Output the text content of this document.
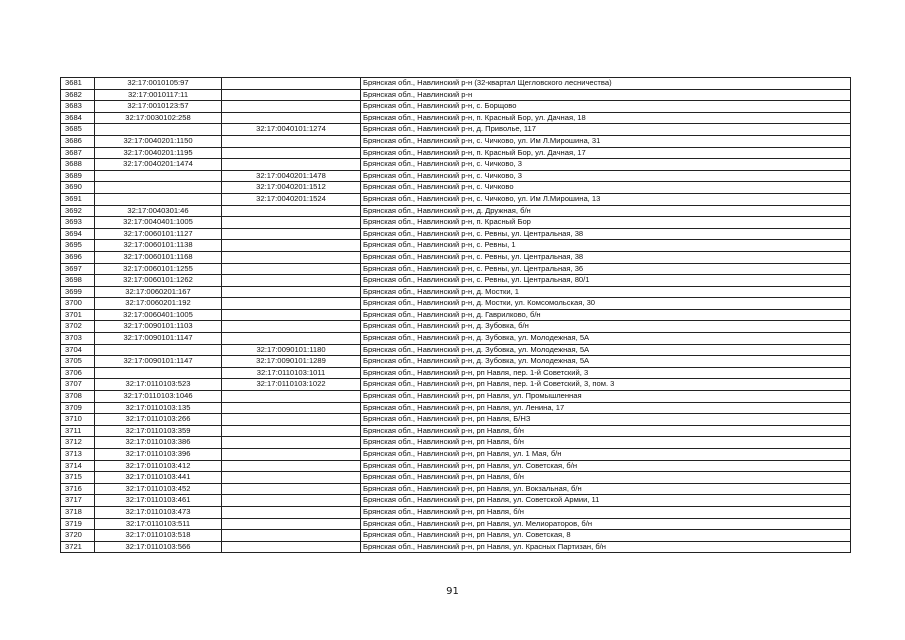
3681	32:17:0010105:97		Брянская обл., Навлинский р-н (32-квартал Щегловского лесничества)
3682	32:17:0010117:11		Брянская обл., Навлинский р-н
3683	32:17:0010123:57		Брянская обл., Навлинский р-н, с. Борщово
3684	32:17:0030102:258		Брянская обл., Навлинский р-н, п. Красный Бор, ул. Дачная, 18
3685		32:17:0040101:1274	Брянская обл., Навлинский р-н, д. Приволье, 117
3686	32:17:0040201:1150		Брянская обл., Навлинский р-н, с. Чичково, ул. Им Л.Мирошина, 31
3687	32:17:0040201:1195		Брянская обл., Навлинский р-н, п. Красный Бор, ул. Дачная, 17
3688	32:17:0040201:1474		Брянская обл., Навлинский р-н, с. Чичково, 3
3689		32:17:0040201:1478	Брянская обл., Навлинский р-н, с. Чичково, 3
3690		32:17:0040201:1512	Брянская обл., Навлинский р-н, с. Чичково
3691		32:17:0040201:1524	Брянская обл., Навлинский р-н, с. Чичково, ул. Им Л.Мирошина, 13
3692	32:17:0040301:46		Брянская обл., Навлинский р-н, д. Дружная, б/н
3693	32:17:0040401:1005		Брянская обл., Навлинский р-н, п. Красный Бор
3694	32:17:0060101:1127		Брянская обл., Навлинский р-н, с. Ревны, ул. Центральная, 38
3695	32:17:0060101:1138		Брянская обл., Навлинский р-н, с. Ревны, 1
3696	32:17:0060101:1168		Брянская обл., Навлинский р-н, с. Ревны, ул. Центральная, 38
3697	32:17:0060101:1255		Брянская обл., Навлинский р-н, с. Ревны, ул. Центральная, 36
3698	32:17:0060101:1262		Брянская обл., Навлинский р-н, с. Ревны, ул. Центральная, 80/1
3699	32:17:0060201:167		Брянская обл., Навлинский р-н, д. Мостки, 1
3700	32:17:0060201:192		Брянская обл., Навлинский р-н, д. Мостки, ул. Комсомольская, 30
3701	32:17:0060401:1005		Брянская обл., Навлинский р-н, д. Гаврилково, б/н
3702	32:17:0090101:1103		Брянская обл., Навлинский р-н, д. Зубовка, б/н
3703	32:17:0090101:1147		Брянская обл., Навлинский р-н, д. Зубовка, ул. Молодежная, 5А
3704		32:17:0090101:1180	Брянская обл., Навлинский р-н, д. Зубовка, ул. Молодежная, 5А
3705	32:17:0090101:1147	32:17:0090101:1289	Брянская обл., Навлинский р-н, д. Зубовка, ул. Молодежная, 5А
3706		32:17:0110103:1011	Брянская обл., Навлинский р-н, рп Навля, пер. 1-й Советский, 3
3707	32:17:0110103:523	32:17:0110103:1022	Брянская обл., Навлинский р-н, рп Навля, пер. 1-й Советский, 3, пом. 3
3708	32:17:0110103:1046		Брянская обл., Навлинский р-н, рп Навля, ул. Промышленная
3709	32:17:0110103:135		Брянская обл., Навлинский р-н, рп Навля, ул. Ленина, 17
3710	32:17:0110103:266		Брянская обл., Навлинский р-н, рп Навля, Б/НЗ
3711	32:17:0110103:359		Брянская обл., Навлинский р-н, рп Навля, б/н
3712	32:17:0110103:386		Брянская обл., Навлинский р-н, рп Навля, б/н
3713	32:17:0110103:396		Брянская обл., Навлинский р-н, рп Навля, ул. 1 Мая, б/н
3714	32:17:0110103:412		Брянская обл., Навлинский р-н, рп Навля, ул. Советская, б/н
3715	32:17:0110103:441		Брянская обл., Навлинский р-н, рп Навля, б/н
3716	32:17:0110103:452		Брянская обл., Навлинский р-н, рп Навля, ул. Вокзальная, б/н
3717	32:17:0110103:461		Брянская обл., Навлинский р-н, рп Навля, ул. Советской Армии, 11
3718	32:17:0110103:473		Брянская обл., Навлинский р-н, рп Навля, б/н
3719	32:17:0110103:511		Брянская обл., Навлинский р-н, рп Навля, ул. Мелиораторов, б/н
3720	32:17:0110103:518		Брянская обл., Навлинский р-н, рп Навля, ул. Советская, 8
3721	32:17:0110103:566		Брянская обл., Навлинский р-н, рп Навля, ул. Красных Партизан, б/н
91
